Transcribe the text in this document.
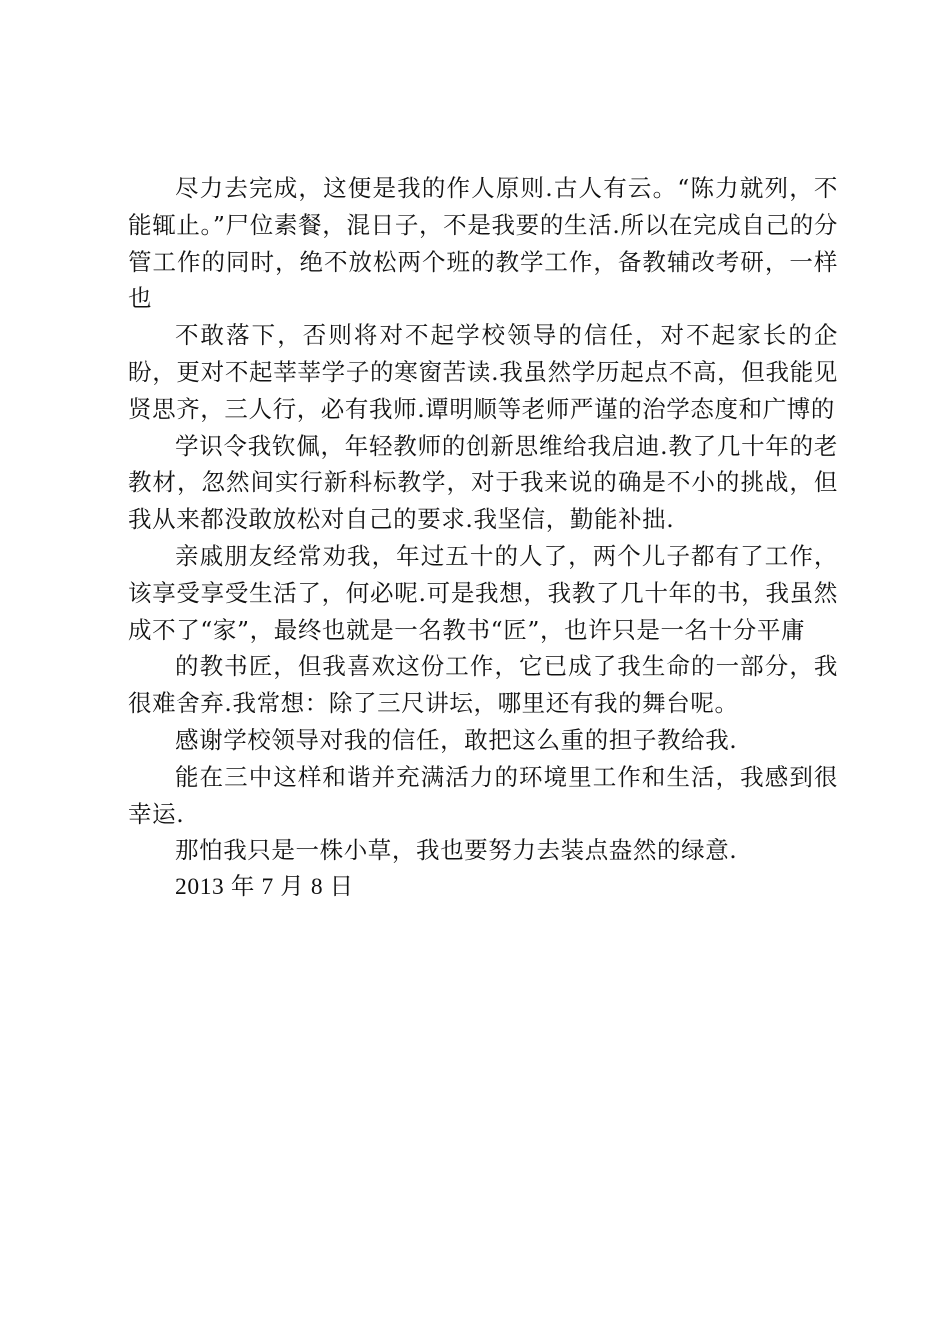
尽力去完成，这便是我的作人原则.古人有云。“陈力就列，不能辄止。”尸位素餐，混日子，不是我要的生活.所以在完成自己的分管工作的同时，绝不放松两个班的教学工作，备教辅改考研，一样也

不敢落下，否则将对不起学校领导的信任，对不起家长的企盼，更对不起莘莘学子的寒窗苦读.我虽然学历起点不高，但我能见贤思齐，三人行，必有我师.谭明顺等老师严谨的治学态度和广博的

学识令我钦佩，年轻教师的创新思维给我启迪.教了几十年的老教材，忽然间实行新科标教学，对于我来说的确是不小的挑战，但我从来都没敢放松对自己的要求.我坚信，勤能补拙.

亲戚朋友经常劝我，年过五十的人了，两个儿子都有了工作，该享受享受生活了，何必呢.可是我想，我教了几十年的书，我虽然成不了“家”，最终也就是一名教书“匠”，也许只是一名十分平庸

的教书匠，但我喜欢这份工作，它已成了我生命的一部分，我很难舍弃.我常想：除了三尺讲坛，哪里还有我的舞台呢。

感谢学校领导对我的信任，敢把这么重的担子教给我.

能在三中这样和谐并充满活力的环境里工作和生活，我感到很幸运.

那怕我只是一株小草，我也要努力去装点盎然的绿意.

2013 年 7 月 8 日
